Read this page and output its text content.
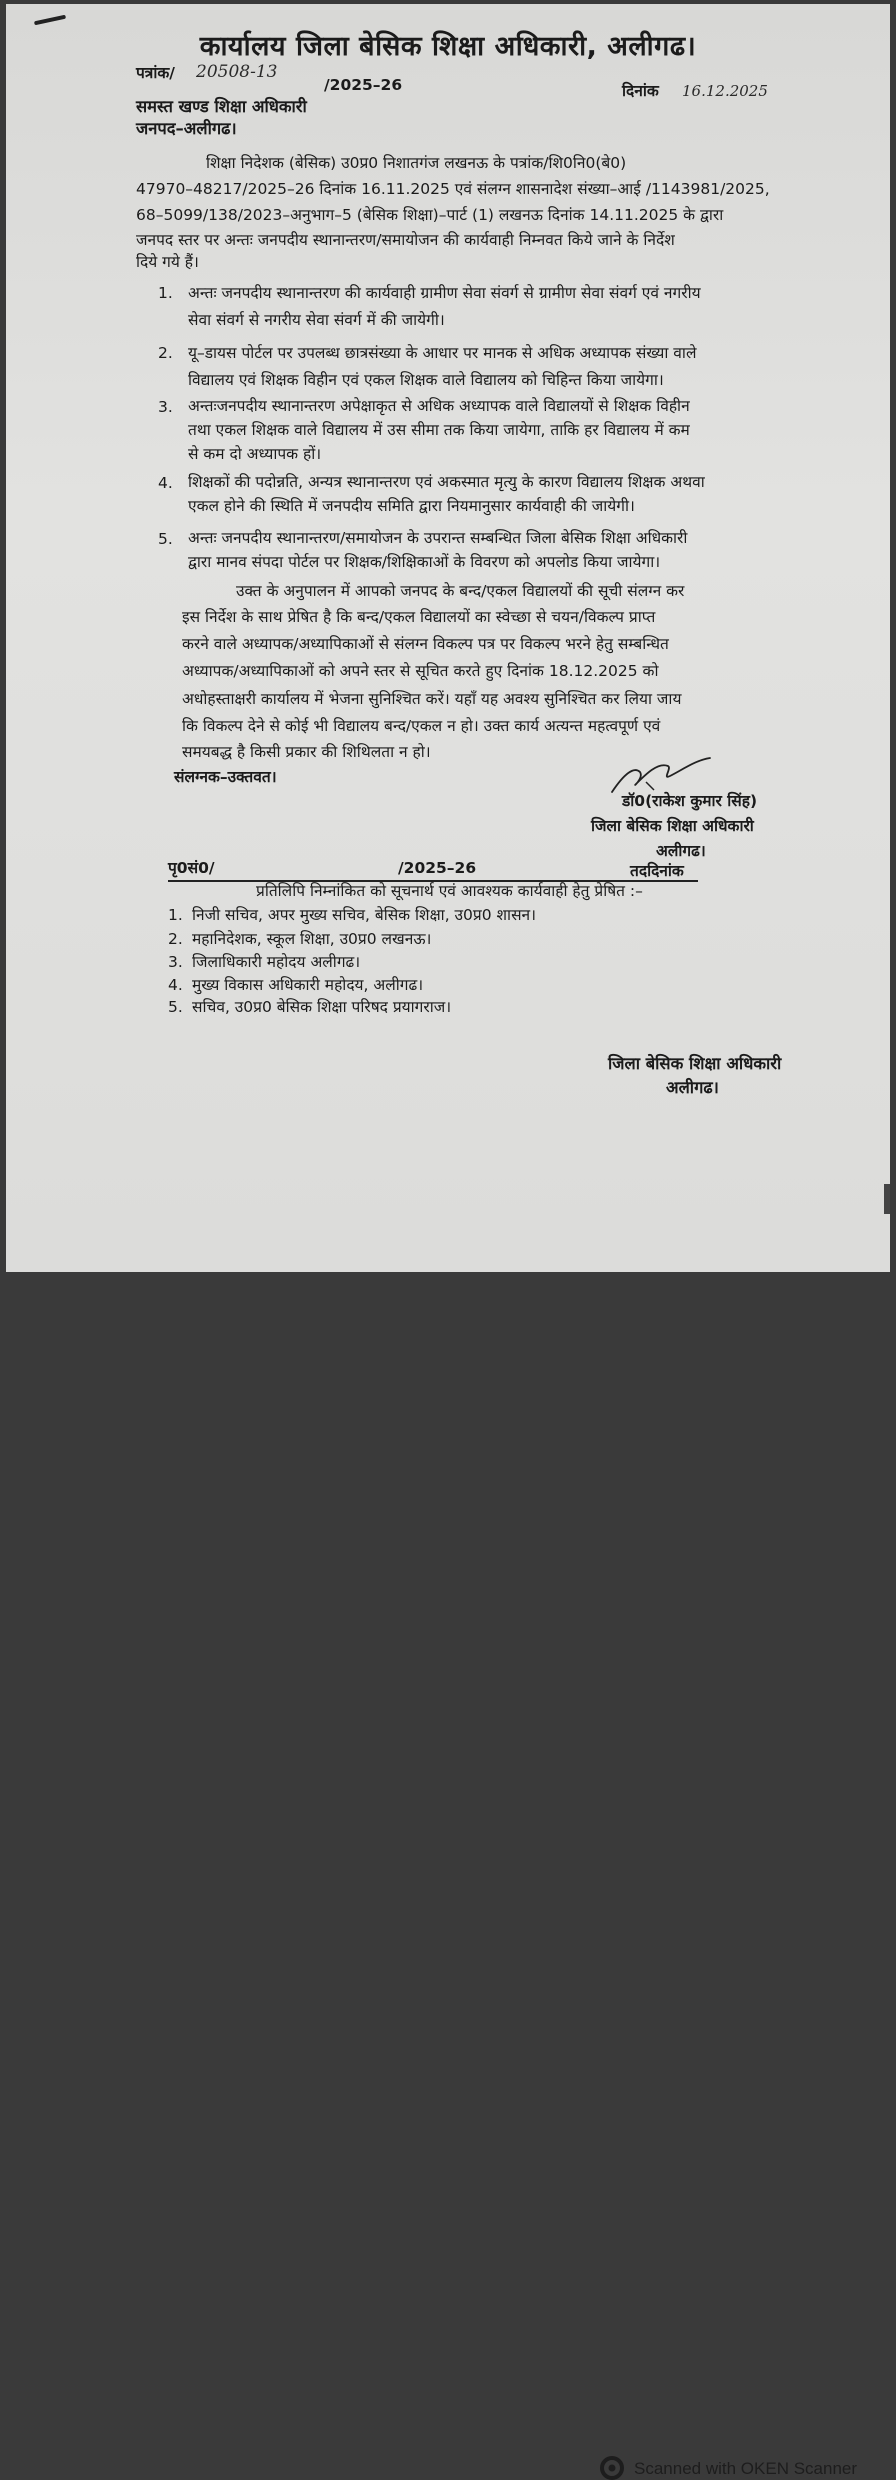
कार्यालय जिला बेसिक शिक्षा अधिकारी, अलीगढ।
पत्रांक/ 20508-13
/2025–26	दिनांक 16.12.2025
समस्त खण्ड शिक्षा अधिकारी
जनपद–अलीगढ।
शिक्षा निदेशक (बेसिक) उ0प्र0 निशातगंज लखनऊ के पत्रांक/शि0नि0(बे0)
47970–48217/2025–26 दिनांक 16.11.2025 एवं संलग्न शासनादेश संख्या–आई /1143981/2025,
68–5099/138/2023–अनुभाग–5 (बेसिक शिक्षा)–पार्ट (1) लखनऊ दिनांक 14.11.2025 के द्वारा
जनपद स्तर पर अन्तः जनपदीय स्थानान्तरण/समायोजन की कार्यवाही निम्नवत किये जाने के निर्देश
दिये गये हैं।
1. अन्तः जनपदीय स्थानान्तरण की कार्यवाही ग्रामीण सेवा संवर्ग से ग्रामीण सेवा संवर्ग एवं नगरीय
सेवा संवर्ग से नगरीय सेवा संवर्ग में की जायेगी।
2. यू–डायस पोर्टल पर उपलब्ध छात्रसंख्या के आधार पर मानक से अधिक अध्यापक संख्या वाले
विद्यालय एवं शिक्षक विहीन एवं एकल शिक्षक वाले विद्यालय को चिहिन्त किया जायेगा।
3. अन्तःजनपदीय स्थानान्तरण अपेक्षाकृत से अधिक अध्यापक वाले विद्यालयों से शिक्षक विहीन
तथा एकल शिक्षक वाले विद्यालय में उस सीमा तक किया जायेगा, ताकि हर विद्यालय में कम
से कम दो अध्यापक हों।
4. शिक्षकों की पदोन्नति, अन्यत्र स्थानान्तरण एवं अकस्मात मृत्यु के कारण विद्यालय शिक्षक अथवा
एकल होने की स्थिति में जनपदीय समिति द्वारा नियमानुसार कार्यवाही की जायेगी।
5. अन्तः जनपदीय स्थानान्तरण/समायोजन के उपरान्त सम्बन्धित जिला बेसिक शिक्षा अधिकारी
द्वारा मानव संपदा पोर्टल पर शिक्षक/शिक्षिकाओं के विवरण को अपलोड किया जायेगा।
उक्त के अनुपालन में आपको जनपद के बन्द/एकल विद्यालयों की सूची संलग्न कर
इस निर्देश के साथ प्रेषित है कि बन्द/एकल विद्यालयों का स्वेच्छा से चयन/विकल्प प्राप्त
करने वाले अध्यापक/अध्यापिकाओं से संलग्न विकल्प पत्र पर विकल्प भरने हेतु सम्बन्धित
अध्यापक/अध्यापिकाओं को अपने स्तर से सूचित करते हुए दिनांक 18.12.2025 को
अधोहस्ताक्षरी कार्यालय में भेजना सुनिश्चित करें। यहाँ यह अवश्य सुनिश्चित कर लिया जाय
कि विकल्प देने से कोई भी विद्यालय बन्द/एकल न हो। उक्त कार्य अत्यन्त महत्वपूर्ण एवं
समयबद्ध है किसी प्रकार की शिथिलता न हो।
संलग्नक–उक्तवत।
डॉ0(राकेश कुमार सिंह)
जिला बेसिक शिक्षा अधिकारी
अलीगढ।
पृ0सं0/	/2025–26	तददिनांक
प्रतिलिपि निम्नांकित को सूचनार्थ एवं आवश्यक कार्यवाही हेतु प्रेषित :–
1. निजी सचिव, अपर मुख्य सचिव, बेसिक शिक्षा, उ0प्र0 शासन।
2. महानिदेशक, स्कूल शिक्षा, उ0प्र0 लखनऊ।
3. जिलाधिकारी महोदय अलीगढ।
4. मुख्य विकास अधिकारी महोदय, अलीगढ।
5. सचिव, उ0प्र0 बेसिक शिक्षा परिषद प्रयागराज।
जिला बेसिक शिक्षा अधिकारी
अलीगढ।
Scanned with OKEN Scanner
